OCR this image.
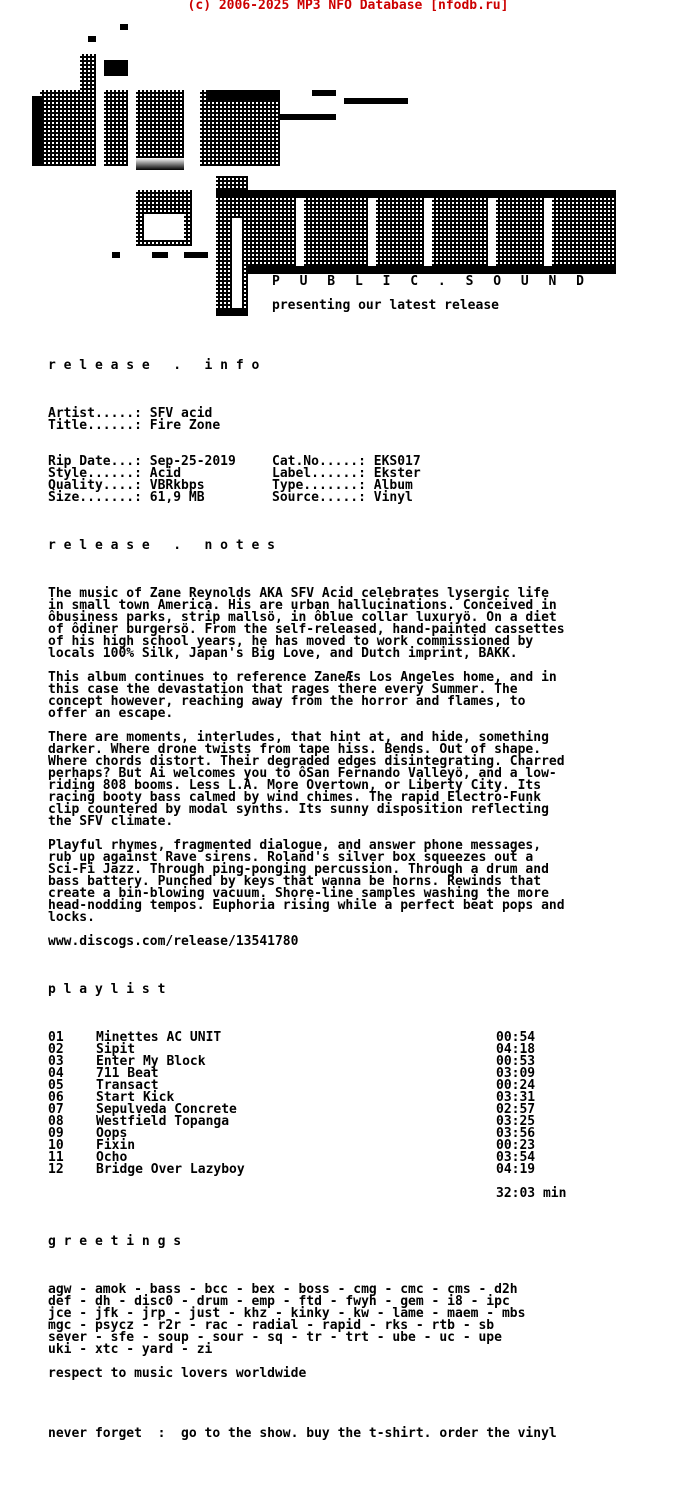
(c) 2006-2025 MP3 NFO Database [nfodb.ru]
P U B L I C . S O U N D
presenting our latest release
r e l e a s e   .   i n f o
Artist.....: SFV acid
Title......: Fire Zone
Rip Date...: Sep-25-2019
Style......: Acid
Quality....: VBRkbps
Size.......: 61,9 MB
Cat.No.....: EKS017
Label......: Ekster
Type.......: Album
Source.....: Vinyl
r e l e a s e   .   n o t e s
The music of Zane Reynolds AKA SFV Acid celebrates lysergic life
in small town America. His are urban hallucinations. Conceived in
ôbusiness parks, strip mallsö, in ôblue collar luxuryö. On a diet
of ôdiner burgersö. From the self-released, hand-painted cassettes
of his high school years, he has moved to work commissioned by
locals 100% Silk, Japan's Big Love, and Dutch imprint, BAKK.
This album continues to reference ZaneÆs Los Angeles home, and in
this case the devastation that rages there every Summer. The
concept however, reaching away from the horror and flames, to
offer an escape.
There are moments, interludes, that hint at, and hide, something
darker. Where drone twists from tape hiss. Bends. Out of shape.
Where chords distort. Their degraded edges disintegrating. Charred
perhaps? But Ai welcomes you to ôSan Fernando Valleyö, and a low-
riding 808 booms. Less L.A. More Overtown, or Liberty City. Its
racing booty bass calmed by wind chimes. The rapid Electro-Funk
clip countered by modal synths. Its sunny disposition reflecting
the SFV climate.
Playful rhymes, fragmented dialogue, and answer phone messages,
rub up against Rave sirens. Roland's silver box squeezes out a
Sci-Fi Jazz. Through ping-ponging percussion. Through a drum and
bass battery. Punched by keys that wanna be horns. Rewinds that
create a bin-blowing vacuum. Shore-line samples washing the more
head-nodding tempos. Euphoria rising while a perfect beat pops and
locks.
www.discogs.com/release/13541780
p l a y l i s t
01 Minettes AC UNIT	00:54
02 Sipit	04:18
03 Enter My Block	00:53
04 711 Beat	03:09
05 Transact	00:24
06 Start Kick	03:31
07 Sepulveda Concrete	02:57
08 Westfield Topanga	03:25
09 Oops	03:56
10 Fixin	00:23
11 Ocho	03:54
12 Bridge Over Lazyboy	04:19
32:03 min
g r e e t i n g s
agw - amok - bass - bcc - bex - boss - cmg - cmc - cms - d2h
def - dh - disc0 - drum - emp - ftd - fwyh - gem - i8 - ipc
jce - jfk - jrp - just - khz - kinky - kw - lame - maem - mbs
mgc - psycz - r2r - rac - radial - rapid - rks - rtb - sb
sever - sfe - soup - sour - sq - tr - trt - ube - uc - upe
uki - xtc - yard - zi
respect to music lovers worldwide
never forget  :  go to the show. buy the t-shirt. order the vinyl
